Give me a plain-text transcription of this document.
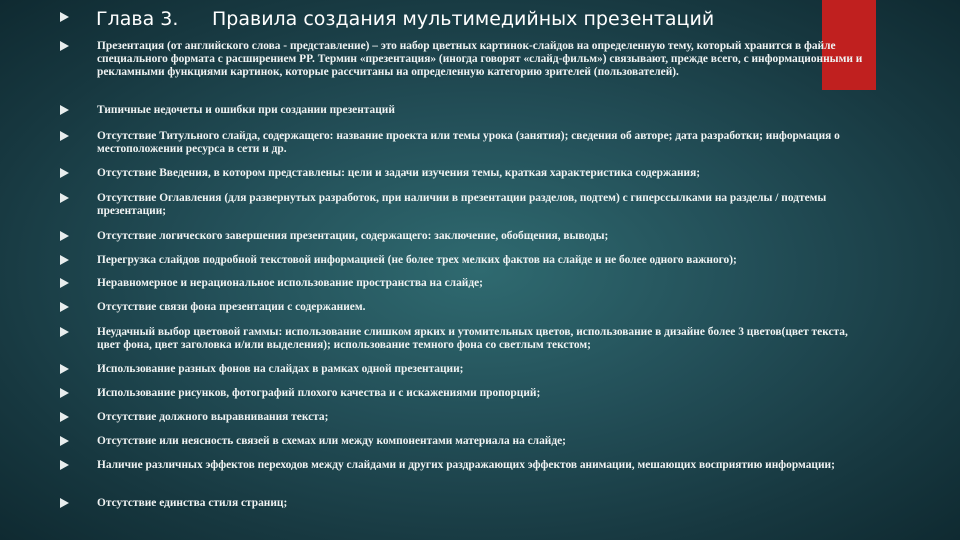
Глава 3. Правила создания мультимедийных презентаций
Презентация (от английского слова - представление) – это набор цветных картинок-слайдов на определенную тему, который хранится в файле специального формата с расширением PP. Термин «презентация» (иногда говорят «слайд-фильм») связывают, прежде всего, с информационными и рекламными функциями картинок, которые рассчитаны на определенную категорию зрителей (пользователей).
Типичные недочеты и ошибки при создании презентаций
Отсутствие Титульного слайда, содержащего: название проекта или темы урока (занятия); сведения об авторе; дата разработки; информация о местоположении ресурса в сети и др.
Отсутствие Введения, в котором представлены: цели и задачи изучения темы, краткая характеристика содержания;
Отсутствие Оглавления (для развернутых разработок, при наличии в презентации разделов, подтем) с гиперссылками на разделы / подтемы презентации;
Отсутствие логического завершения презентации, содержащего: заключение, обобщения, выводы;
Перегрузка слайдов подробной текстовой информацией (не более трех мелких фактов на слайде и не более одного важного);
Неравномерное и нерациональное использование пространства на слайде;
Отсутствие связи фона презентации с содержанием.
Неудачный выбор цветовой гаммы: использование слишком ярких и утомительных цветов, использование в дизайне более 3 цветов(цвет текста, цвет фона, цвет заголовка и/или выделения); использование темного фона со светлым текстом;
Использование разных фонов на слайдах в рамках одной презентации;
Использование рисунков, фотографий плохого качества и с искажениями пропорций;
Отсутствие должного выравнивания текста;
Отсутствие или неясность связей в схемах или между компонентами материала на слайде;
Наличие различных эффектов переходов между слайдами и других раздражающих эффектов анимации, мешающих восприятию информации;
Отсутствие единства стиля страниц;
